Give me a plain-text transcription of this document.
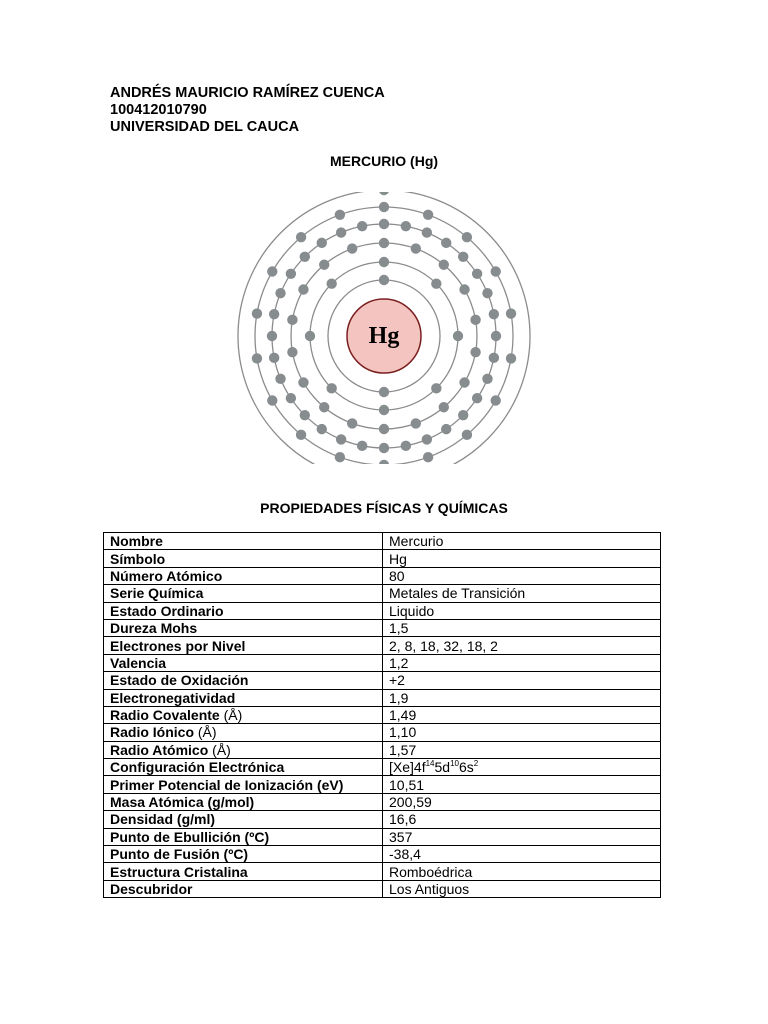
ANDRÉS MAURICIO RAMÍREZ CUENCA
100412010790
UNIVERSIDAD DEL CAUCA
MERCURIO (Hg)
Hg
PROPIEDADES FÍSICAS Y QUÍMICAS
Nombre	Mercurio
Símbolo	Hg
Número Atómico	80
Serie Química	Metales de Transición
Estado Ordinario	Liquido
Dureza Mohs	1,5
Electrones por Nivel	2, 8, 18, 32, 18, 2
Valencia	1,2
Estado de Oxidación	+2
Electronegatividad	1,9
Radio Covalente (Å)	1,49
Radio Iónico (Å)	1,10
Radio Atómico (Å)	1,57
Configuración Electrónica	$[Xe]4f^{14}5d^{10}6s^2$
Primer Potencial de Ionización (eV)	10,51
Masa Atómica (g/mol)	200,59
Densidad (g/ml)	16,6
Punto de Ebullición (ºC)	357
Punto de Fusión (ºC)	-38,4
Estructura Cristalina	Romboédrica
Descubridor	Los Antiguos
